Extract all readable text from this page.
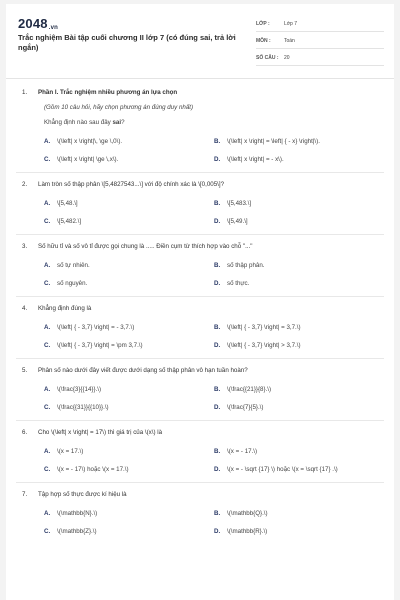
2048.vn
Trắc nghiệm Bài tập cuối chương II lớp 7 (có đúng sai, trả lời ngắn)
LỚP :	Lớp 7
MÔN :	Toán
SỐ CÂU :	20
1.	Phần I. Trắc nghiệm nhiều phương án lựa chọn
(Gồm 10 câu hỏi, hãy chọn phương án đúng duy nhất)
Khẳng định nào sau đây sai?
A.	\(\left| x \right|\, \ge \,0\).	B.	\(\left| x \right| = \left| { - x} \right|\).
C.	\(\left| x \right| \ge \,x\).	D.	\(\left| x \right| = - x\).
2.	Làm tròn số thập phân \[5,4827543...\] với độ chính xác là \[0,005\]?
A.	\[5,48.\]	B.	\[5,483.\]
C.	\[5,482.\]	D.	\[5,49.\]
3.	Số hữu tỉ và số vô tỉ được gọi chung là ..... Điền cụm từ thích hợp vào chỗ "..."
A.	số tự nhiên.	B.	số thập phân.
C.	số nguyên.	D.	số thực.
4.	Khẳng định đúng là
A.	\(\left| { - 3,7} \right| = - 3,7.\)	B.	\(\left| { - 3,7} \right| = 3,7.\)
C.	\(\left| { - 3,7} \right| = \pm 3,7.\)	D.	\(\left| { - 3,7} \right| > 3,7.\)
5.	Phân số nào dưới đây viết được dưới dạng số thập phân vô hạn tuần hoàn?
A.	\(\frac{3}{{14}}.\)	B.	\(\frac{{21}}{8}.\)
C.	\(\frac{{31}}{{10}}.\)	D.	\(\frac{7}{5}.\)
6.	Cho \(\left| x \right| = 17\) thì giá trị của \(x\) là
A.	\(x = 17.\)	B.	\(x = - 17.\)
C.	\(x = - 17\) hoặc \(x = 17.\)	D.	\(x = - \sqrt {17} \) hoặc \(x = \sqrt {17} .\)
7.	Tập hợp số thực được kí hiệu là
A.	\(\mathbb{N}.\)	B.	\(\mathbb{Q}.\)
C.	\(\mathbb{Z}.\)	D.	\(\mathbb{R}.\)
